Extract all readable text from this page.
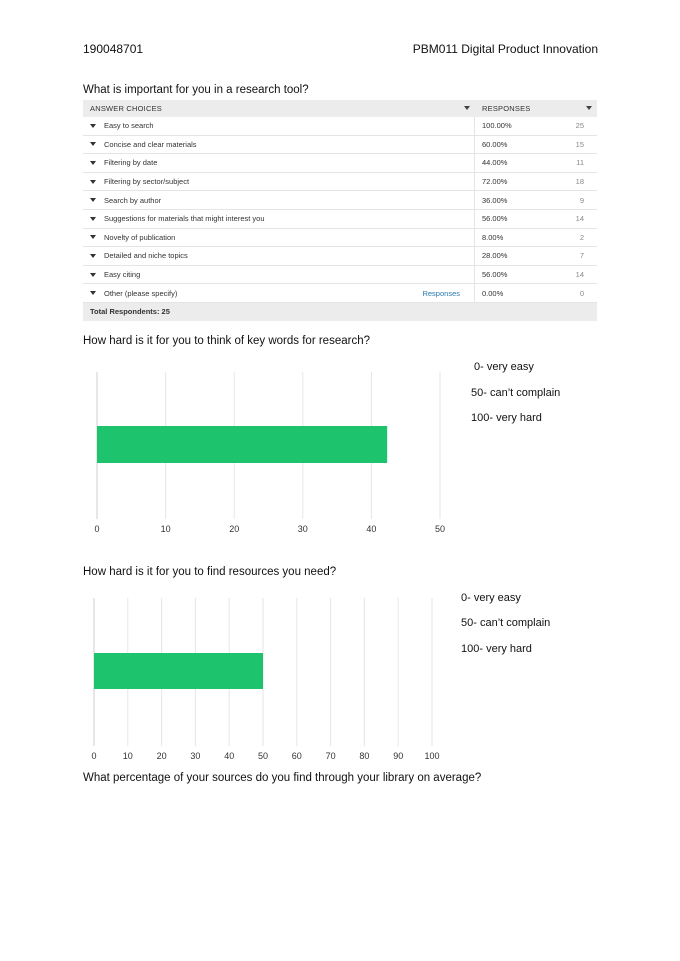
190048701	PBM011 Digital Product Innovation
What is important for you in a research tool?
ANSWER CHOICES	RESPONSES
Easy to search	100.00%	25
Concise and clear materials	60.00%	15
Filtering by date	44.00%	11
Filtering by sector/subject	72.00%	18
Search by author	36.00%	9
Suggestions for materials that might interest you	56.00%	14
Novelty of publication	8.00%	2
Detailed and niche topics	28.00%	7
Easy citing	56.00%	14
Other (please specify)	Responses	0.00%	0
Total Respondents: 25
How hard is it for you to think of key words for research?
0	10	20	30	40	50
0- very easy
50- can’t complain
100- very hard
How hard is it for you to find resources you need?
0	10	20	30	40	50	60	70	80	90 100
0- very easy
50- can’t complain
100- very hard
What percentage of your sources do you find through your library on average?
